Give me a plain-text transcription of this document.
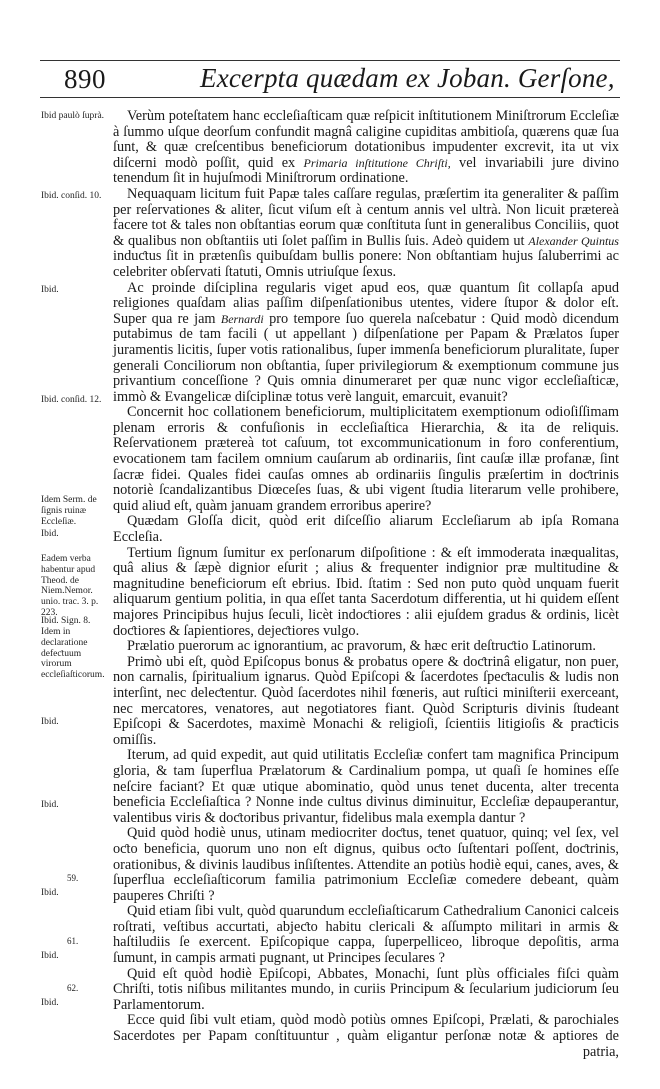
890	Excerpta quædam ex Joban. Gerſone,
Ibid paulò ſuprà.
Ibid. conſid. 10.
Ibid.
Ibid. conſid. 12.
Idem Serm. de ſignis ruinæ Eccleſiæ.
Ibid.
Eadem verba habentur apud Theod. de Niem.Nemor. unio. trac. 3. p. 223.
Ibid. Sign. 8.
Idem in declaratione defeƈtuum virorum eccleſiaſticorum.
Ibid.
Ibid.
59.
Ibid.
61.
Ibid.
62.
Ibid.

Verùm poteſtatem hanc eccleſiaſticam quæ reſpicit inſtitutionem Miniſtrorum Eccleſiæ à ſummo uſque deorſum confundit magnâ caligine cupiditas ambitioſa, quærens quæ ſua ſunt, & quæ creſcentibus beneficiorum dotationibus impudenter excrevit, ita ut vix diſcerni modò poſſit, quid ex Primaria inſtitutione Chriſti, vel invariabili jure divino tenendum ſit in hujuſmodi Miniſtrorum ordinatione.

Nequaquam licitum fuit Papæ tales caſſare regulas, præſertim ita generaliter & paſſim per reſervationes & aliter, ſicut viſum eſt à centum annis vel ultrà. Non licuit prætereà facere tot & tales non obſtantias eorum quæ conſtituta ſunt in generalibus Conciliis, quot & qualibus non obſtantiis uti ſolet paſſim in Bullis ſuis. Adeò quidem ut Alexander Quintus induƈtus ſit in prætenſis quibuſdam bullis ponere: Non obſtantiam hujus ſaluberrimi ac celebriter obſervati ſtatuti, Omnis utriuſque ſexus.

Ac proinde diſciplina regularis viget apud eos, quæ quantum ſit collapſa apud religiones quaſdam alias paſſim diſpenſationibus utentes, videre ſtupor & dolor eſt. Super qua re jam Bernardi pro tempore ſuo querela naſcebatur : Quid modò dicendum putabimus de tam facili ( ut appellant ) diſpenſatione per Papam & Prælatos ſuper juramentis licitis, ſuper votis rationalibus, ſuper immenſa beneficiorum pluralitate, ſuper generali Conciliorum non obſtantia, ſuper privilegiorum & exemptionum commune jus privantium conceſſione ? Quis omnia dinumeraret per quæ nunc vigor eccleſiaſticæ, immò & Evangelicæ diſciplinæ totus verè languit, emarcuit, evanuit?

Concernit hoc collationem beneficiorum, multiplicitatem exemptionum odioſiſſimam plenam erroris & confuſionis in eccleſiaſtica Hierarchia, & ita de reliquis. Reſervationem prætereà tot caſuum, tot excommunicationum in foro conferentium, evocationem tam facilem omnium cauſarum ab ordinariis, ſint cauſæ illæ profanæ, ſint ſacræ fidei. Quales fidei cauſas omnes ab ordinariis ſingulis præſertim in doƈtrinis notoriè ſcandalizantibus Diœceſes ſuas, & ubi vigent ſtudia literarum velle prohibere, quid aliud eſt, quàm januam grandem erroribus aperire?

Quædam Gloſſa dicit, quòd erit diſceſſio aliarum Eccleſiarum ab ipſa Romana Eccleſia.

Tertium ſignum ſumitur ex perſonarum diſpoſitione : & eſt immoderata inæqualitas, quâ alius & ſæpè dignior eſurit ; alius & frequenter indignior præ multitudine & magnitudine beneficiorum eſt ebrius. Ibid. ſtatim : Sed non puto quòd unquam fuerit aliquarum gentium politia, in qua eſſet tanta Sacerdotum differentia, ut hi quidem eſſent majores Principibus hujus ſeculi, licèt indoƈtiores : alii ejuſdem gradus & ordinis, licèt doƈtiores & ſapientiores, dejeƈtiores vulgo.

Prælatio puerorum ac ignorantium, ac pravorum, & hæc erit deſtruƈtio Latinorum.

Primò ubi eſt, quòd Epiſcopus bonus & probatus opere & doƈtrinâ eligatur, non puer, non carnalis, ſpiritualium ignarus. Quòd Epiſcopi & ſacerdotes ſpeƈtaculis & ludis non interſint, nec deleƈtentur. Quòd ſacerdotes nihil fœneris, aut ruſtici miniſterii exerceant, nec mercatores, venatores, aut negotiatores fiant. Quòd Scripturis divinis ſtudeant Epiſcopi & Sacerdotes, maximè Monachi & religioſi, ſcientiis litigioſis & praƈticis omiſſis.

Iterum, ad quid expedit, aut quid utilitatis Eccleſiæ confert tam magnifica Principum gloria, & tam ſuperflua Prælatorum & Cardinalium pompa, ut quaſi ſe homines eſſe neſcire faciant? Et quæ utique abominatio, quòd unus tenet ducenta, alter trecenta beneficia Eccleſiaſtica ? Nonne inde cultus divinus diminuitur, Eccleſiæ depauperantur, valentibus viris & doƈtoribus privantur, fidelibus mala exempla dantur ?

Quid quòd hodiè unus, utinam mediocriter doƈtus, tenet quatuor, quinq; vel ſex, vel oƈto beneficia, quorum uno non eſt dignus, quibus oƈto ſuſtentari poſſent, doƈtrinis, orationibus, & divinis laudibus inſiſtentes. Attendite an potiùs hodiè equi, canes, aves, & ſuperflua eccleſiaſticorum familia patrimonium Eccleſiæ comedere debeant, quàm pauperes Chriſti ?

Quid etiam ſibi vult, quòd quarundum eccleſiaſticarum Cathedralium Canonici calceis roſtrati, veſtibus accurtati, abjeƈto habitu clericali & aſſumpto militari in armis & haſtiludiis ſe exercent. Epiſcopique cappa, ſuperpelliceo, libroque depoſitis, arma ſumunt, in campis armati pugnant, ut Principes ſeculares ?

Quid eſt quòd hodiè Epiſcopi, Abbates, Monachi, ſunt plùs officiales fiſci quàm Chriſti, totis niſibus militantes mundo, in curiis Principum & ſecularium judiciorum ſeu Parlamentorum.

Ecce quid ſibi vult etiam, quòd modò potiùs omnes Epiſcopi, Prælati, & parochiales Sacerdotes per Papam conſtituuntur , quàm eligantur perſonæ notæ & aptiores de

patria,
